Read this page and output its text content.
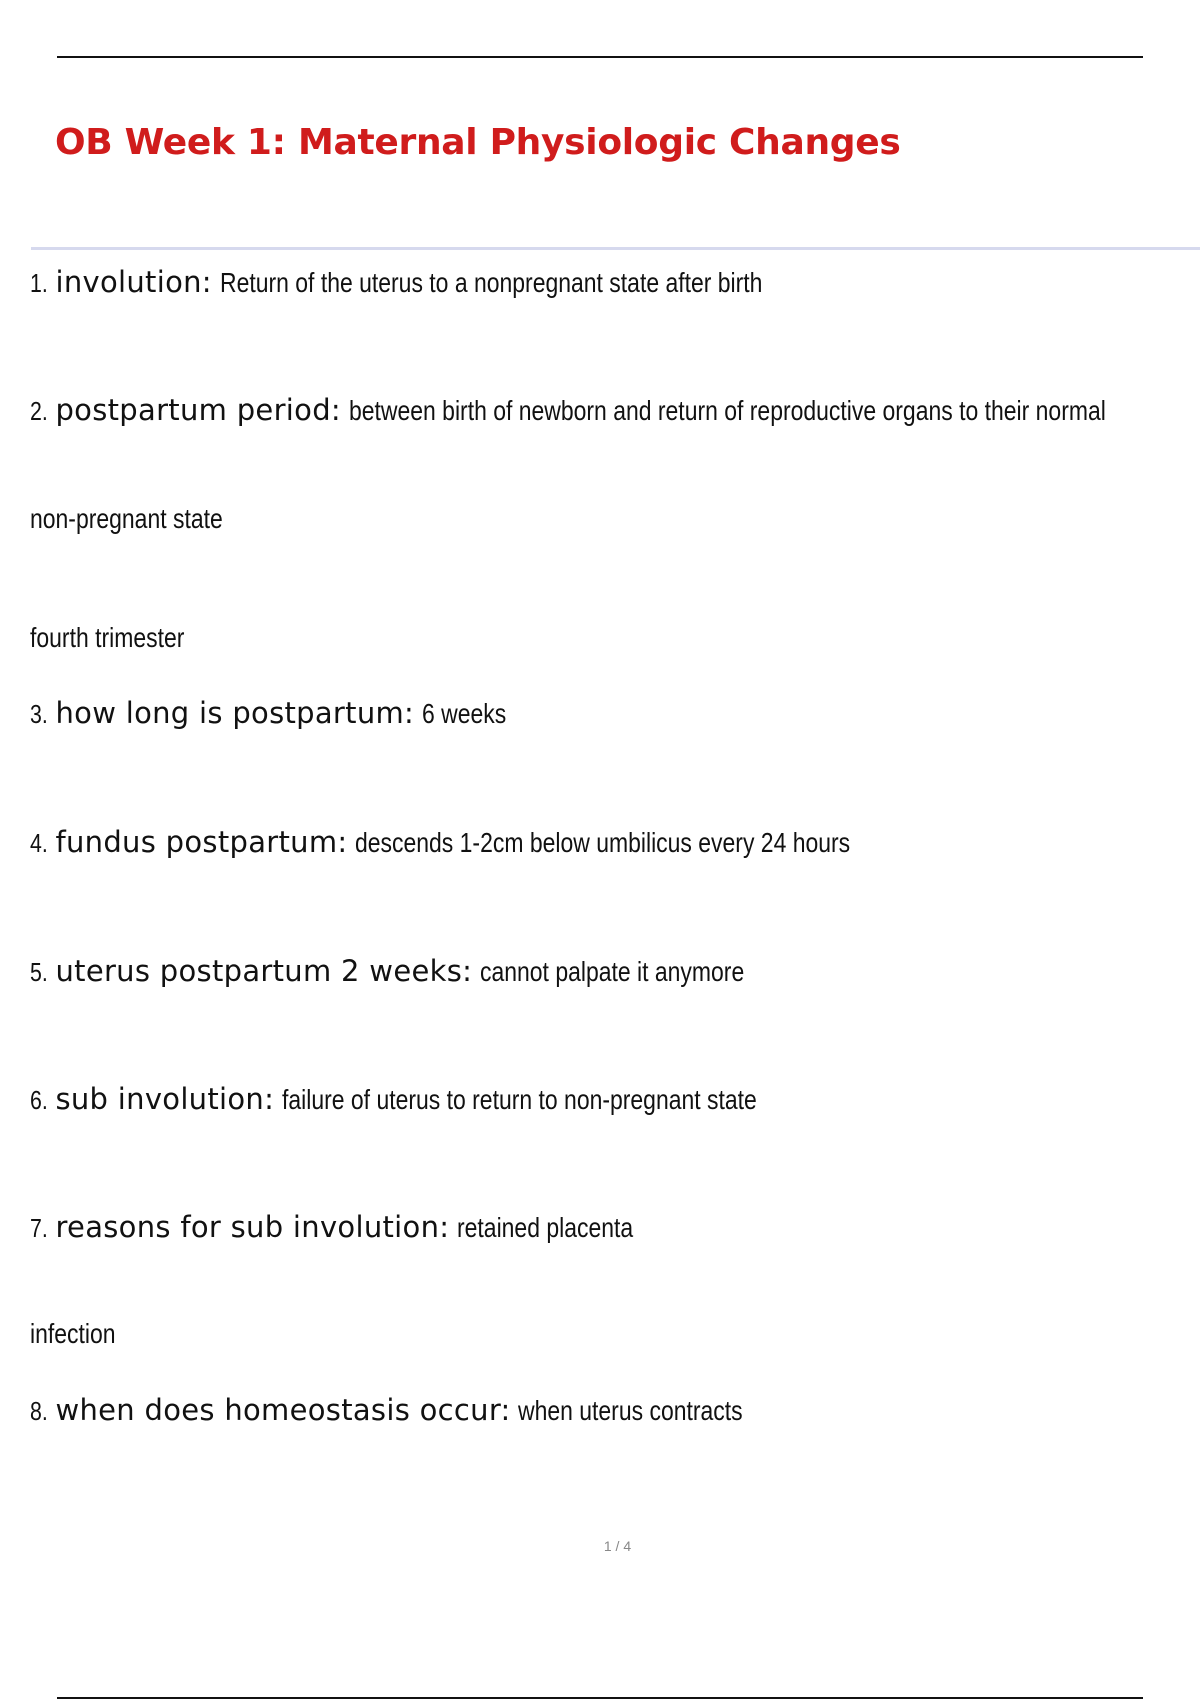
OB Week 1: Maternal Physiologic Changes
1. involution: Return of the uterus to a nonpregnant state after birth
2. postpartum period: between birth of newborn and return of reproductive organs to their normal
non-pregnant state
fourth trimester
3. how long is postpartum: 6 weeks
4. fundus postpartum: descends 1-2cm below umbilicus every 24 hours
5. uterus postpartum 2 weeks: cannot palpate it anymore
6. sub involution: failure of uterus to return to non-pregnant state
7. reasons for sub involution: retained placenta
infection
8. when does homeostasis occur: when uterus contracts
1 / 4
